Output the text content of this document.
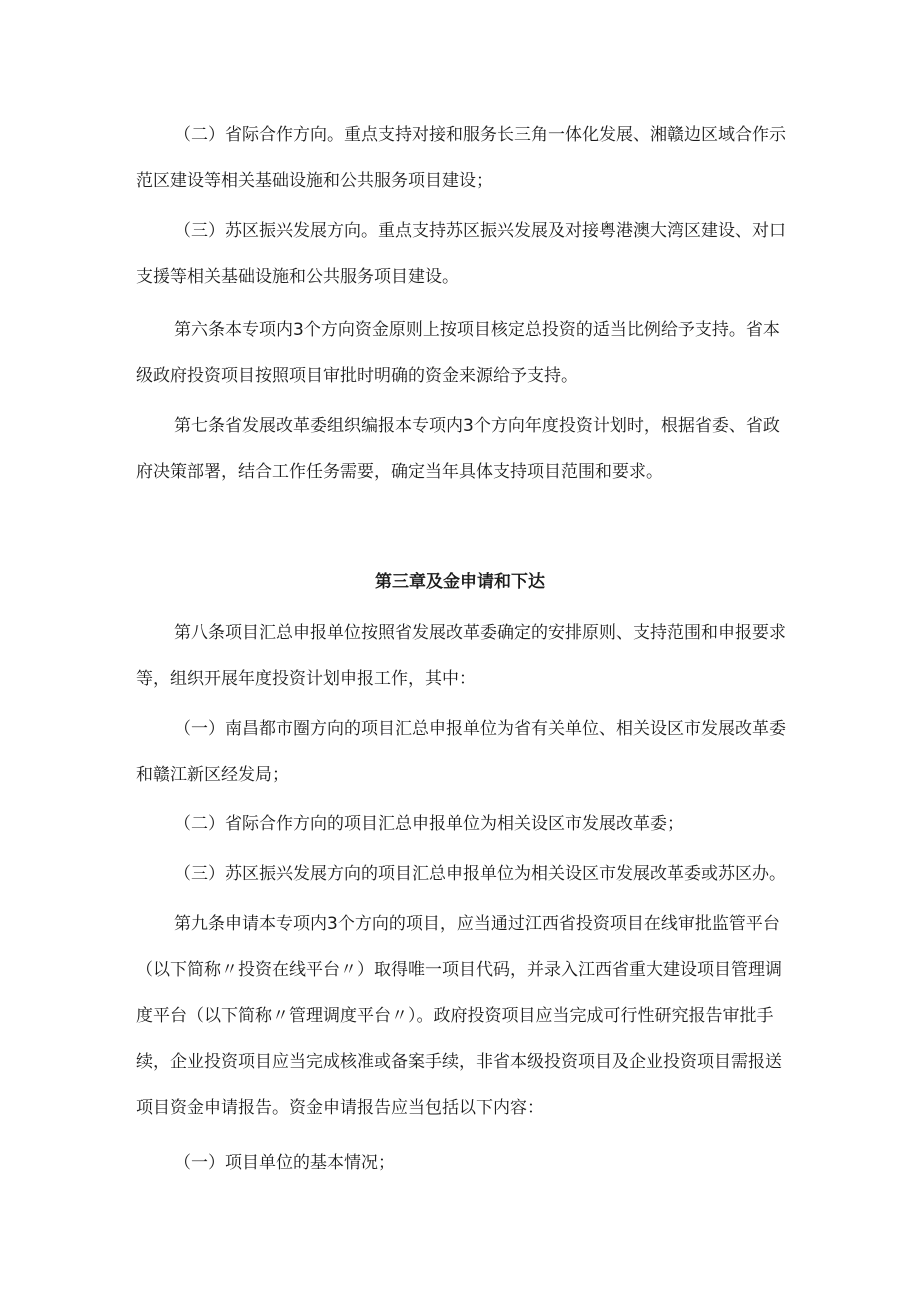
（二）省际合作方向。重点支持对接和服务长三角一体化发展、湘赣边区域合作示
范区建设等相关基础设施和公共服务项目建设；
（三）苏区振兴发展方向。重点支持苏区振兴发展及对接粤港澳大湾区建设、对口
支援等相关基础设施和公共服务项目建设。
第六条本专项内3个方向资金原则上按项目核定总投资的适当比例给予支持。省本
级政府投资项目按照项目审批时明确的资金来源给予支持。
第七条省发展改革委组织编报本专项内3个方向年度投资计划时，根据省委、省政
府决策部署，结合工作任务需要，确定当年具体支持项目范围和要求。
第三章及金申请和下达
第八条项目汇总申报单位按照省发展改革委确定的安排原则、支持范围和申报要求
等，组织开展年度投资计划申报工作，其中：
（一）南昌都市圈方向的项目汇总申报单位为省有关单位、相关设区市发展改革委
和赣江新区经发局；
（二）省际合作方向的项目汇总申报单位为相关设区市发展改革委；
（三）苏区振兴发展方向的项目汇总申报单位为相关设区市发展改革委或苏区办。
第九条申请本专项内3个方向的项目，应当通过江西省投资项目在线审批监管平台
（以下简称〃投资在线平台〃）取得唯一项目代码，并录入江西省重大建设项目管理调
度平台（以下简称〃管理调度平台〃）。政府投资项目应当完成可行性研究报告审批手
续，企业投资项目应当完成核准或备案手续，非省本级投资项目及企业投资项目需报送
项目资金申请报告。资金申请报告应当包括以下内容：
（一）项目单位的基本情况；
